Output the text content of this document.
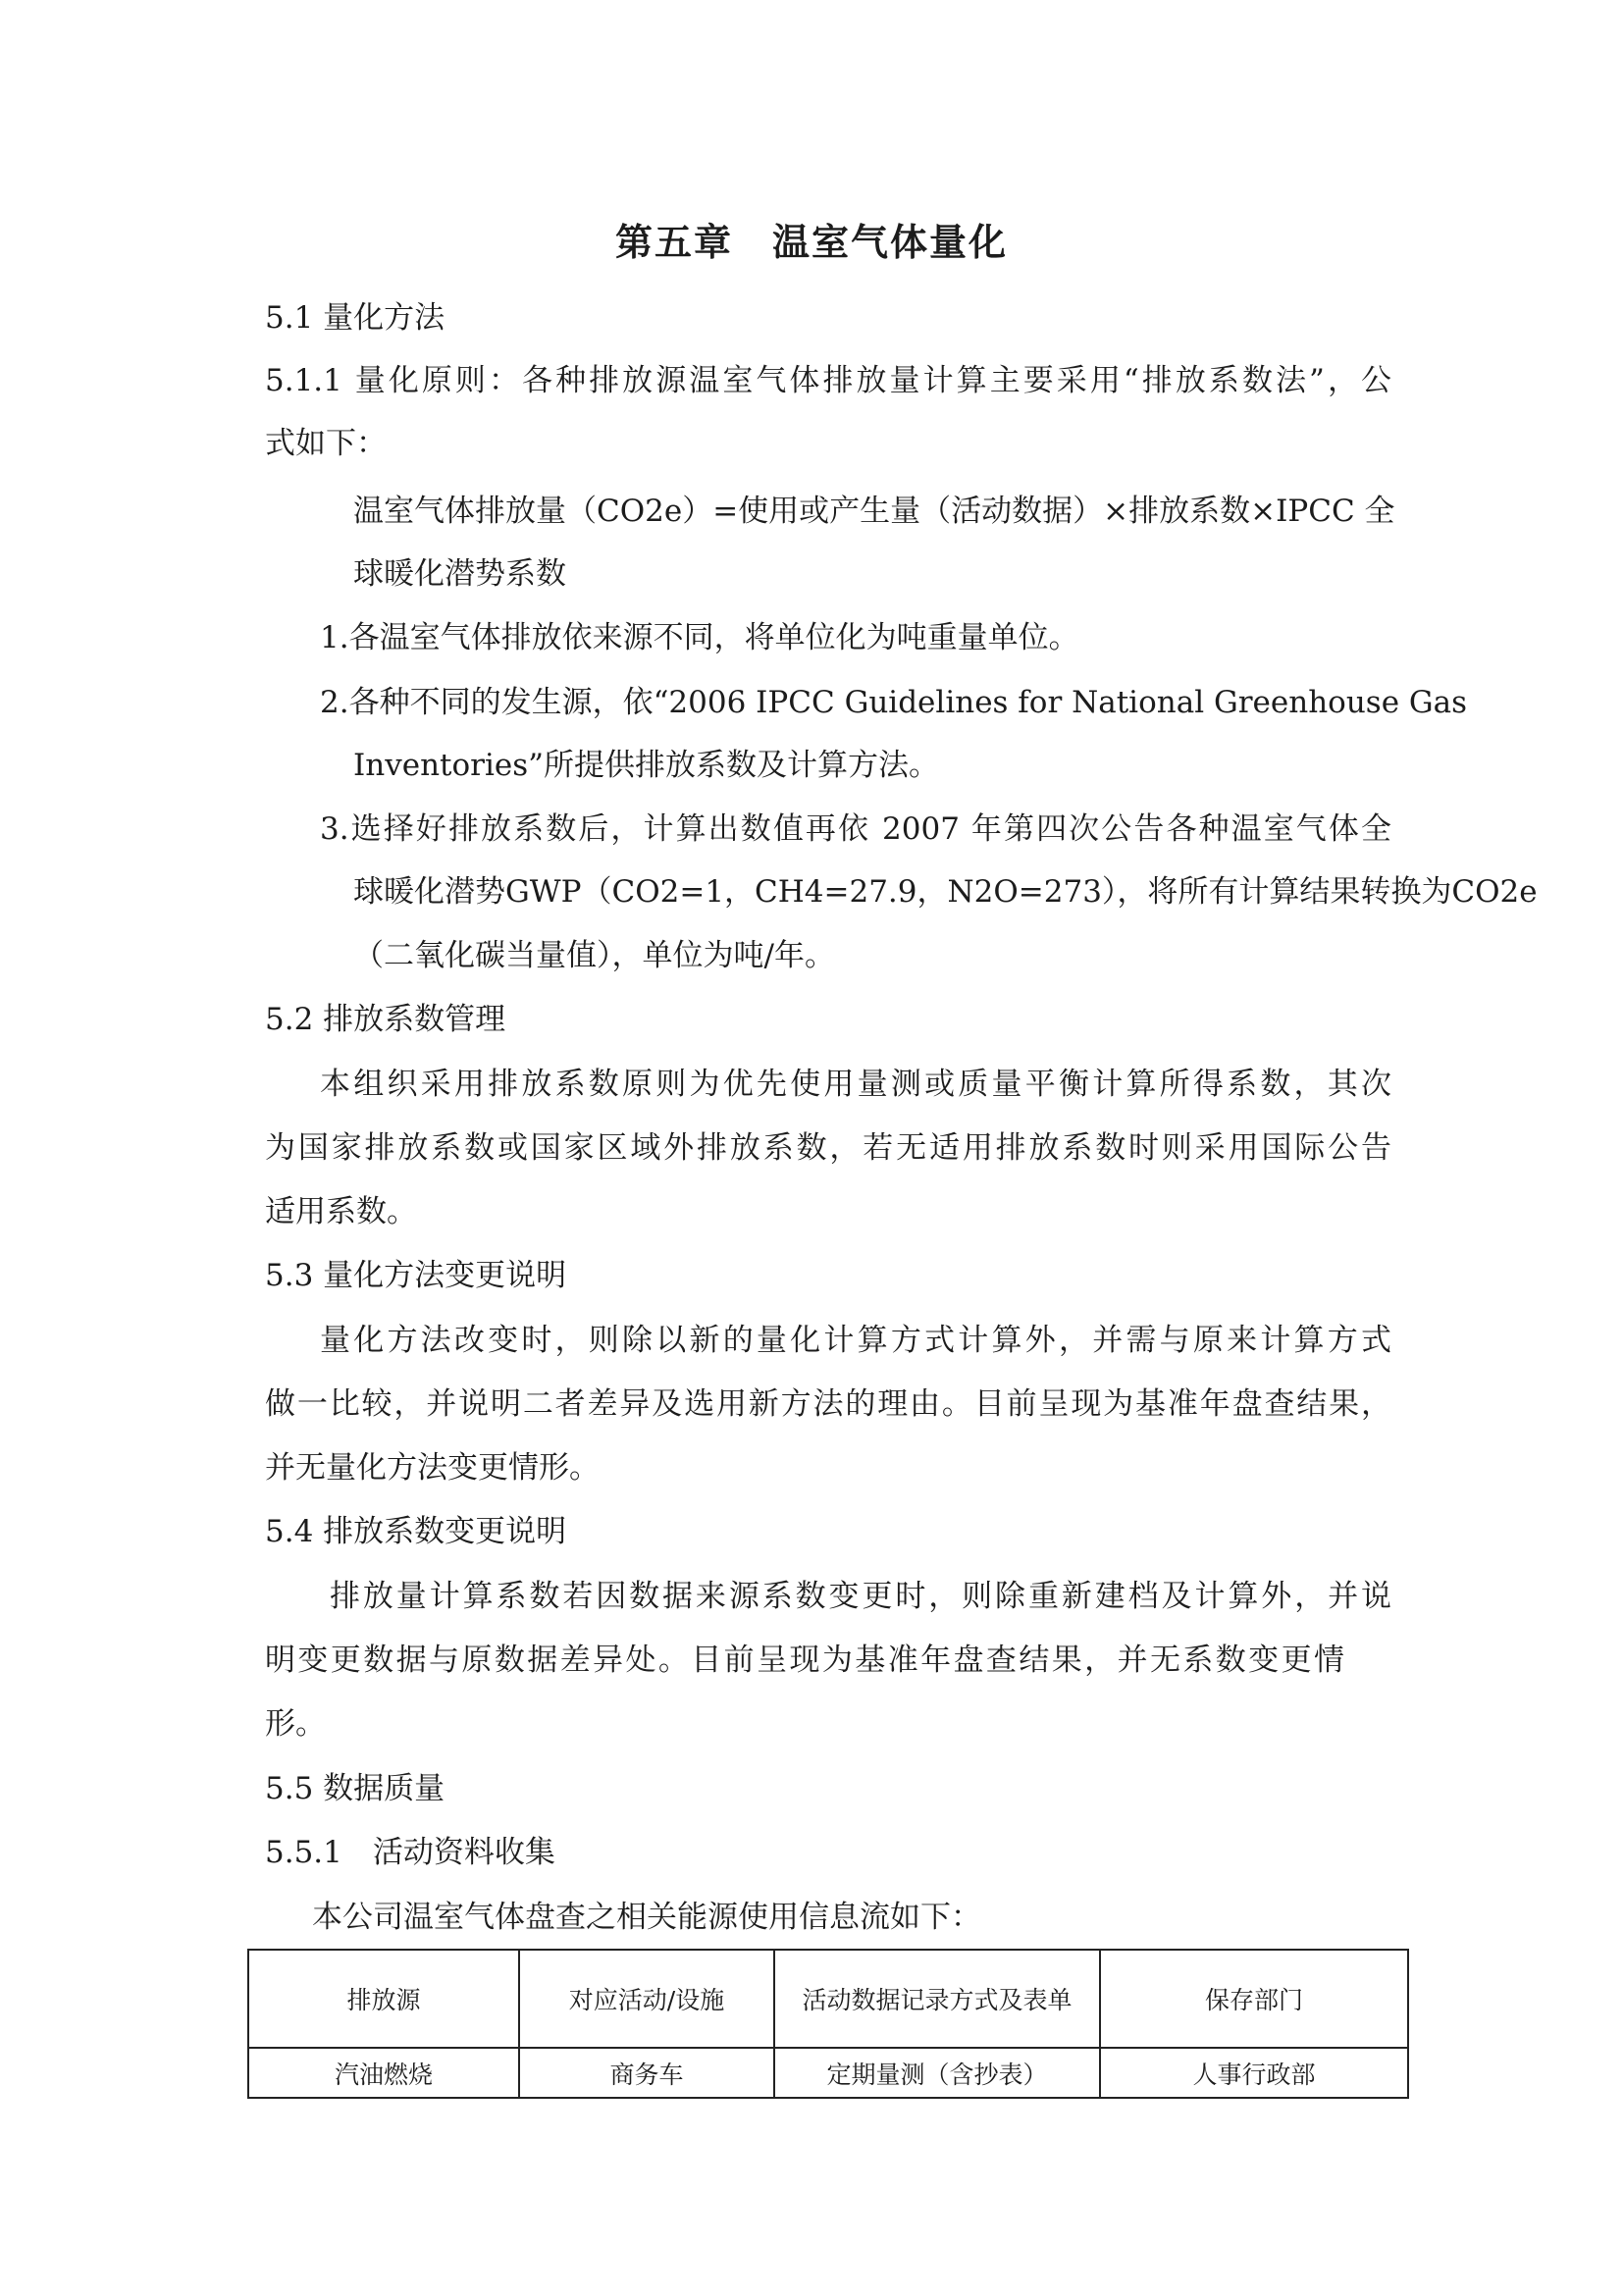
第五章　温室气体量化

5.1 量化方法

5.1.1 量化原则：各种排放源温室气体排放量计算主要采用“排放系数法”，公

式如下：

温室气体排放量（CO2e）=使用或产生量（活动数据）×排放系数×IPCC 全

球暖化潜势系数

1.各温室气体排放依来源不同，将单位化为吨重量单位。

2.各种不同的发生源，依“2006 IPCC Guidelines for National Greenhouse Gas

Inventories”所提供排放系数及计算方法。

3.选择好排放系数后，计算出数值再依 2007 年第四次公告各种温室气体全

球暖化潜势GWP（CO2=1，CH4=27.9，N2O=273），将所有计算结果转换为CO2e

（二氧化碳当量值），单位为吨/年。

5.2 排放系数管理

本组织采用排放系数原则为优先使用量测或质量平衡计算所得系数，其次

为国家排放系数或国家区域外排放系数，若无适用排放系数时则采用国际公告

适用系数。

5.3 量化方法变更说明

量化方法改变时，则除以新的量化计算方式计算外，并需与原来计算方式

做一比较，并说明二者差异及选用新方法的理由。目前呈现为基准年盘查结果，

并无量化方法变更情形。

5.4 排放系数变更说明

排放量计算系数若因数据来源系数变更时，则除重新建档及计算外，并说

明变更数据与原数据差异处。目前呈现为基准年盘查结果，并无系数变更情

形。

5.5 数据质量

5.5.1　活动资料收集

本公司温室气体盘查之相关能源使用信息流如下：

排放源	对应活动/设施	活动数据记录方式及表单	保存部门
汽油燃烧	商务车	定期量测（含抄表）	人事行政部
